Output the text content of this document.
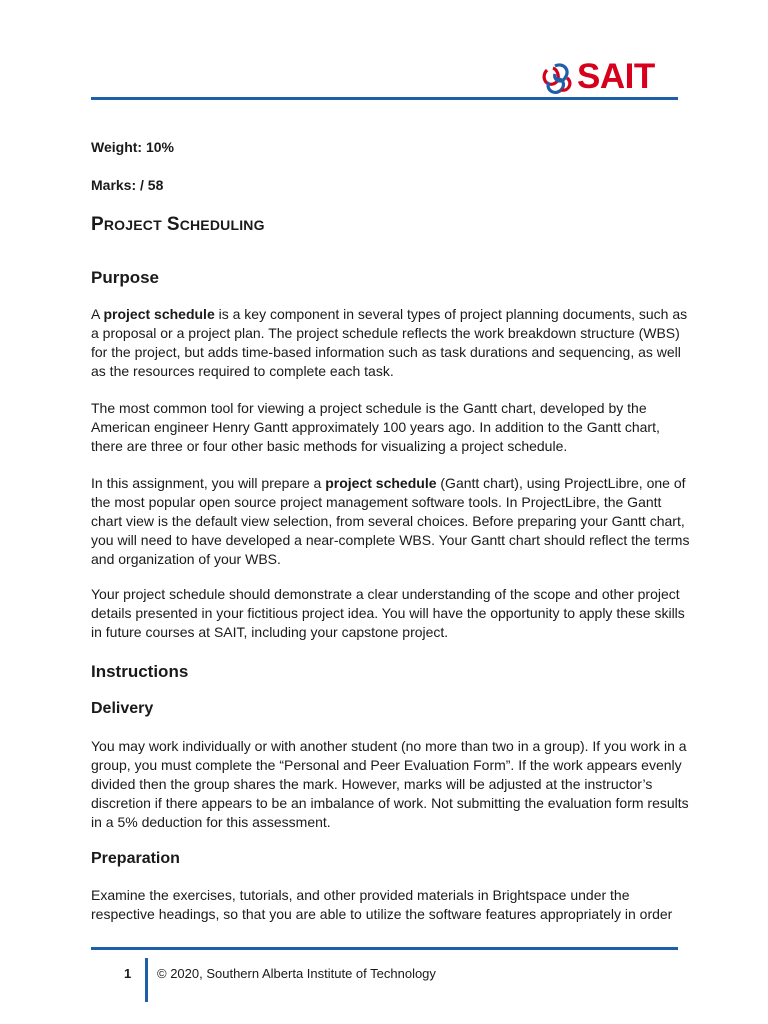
SAIT
Weight: 10%
Marks: / 58
PROJECT SCHEDULING
Purpose

A project schedule is a key component in several types of project planning documents, such as a proposal or a project plan. The project schedule reflects the work breakdown structure (WBS) for the project, but adds time-based information such as task durations and sequencing, as well as the resources required to complete each task.

The most common tool for viewing a project schedule is the Gantt chart, developed by the American engineer Henry Gantt approximately 100 years ago. In addition to the Gantt chart, there are three or four other basic methods for visualizing a project schedule.

In this assignment, you will prepare a project schedule (Gantt chart), using ProjectLibre, one of the most popular open source project management software tools. In ProjectLibre, the Gantt chart view is the default view selection, from several choices. Before preparing your Gantt chart, you will need to have developed a near-complete WBS. Your Gantt chart should reflect the terms and organization of your WBS.

Your project schedule should demonstrate a clear understanding of the scope and other project details presented in your fictitious project idea. You will have the opportunity to apply these skills in future courses at SAIT, including your capstone project.

Instructions
Delivery

You may work individually or with another student (no more than two in a group). If you work in a group, you must complete the “Personal and Peer Evaluation Form”. If the work appears evenly divided then the group shares the mark. However, marks will be adjusted at the instructor’s discretion if there appears to be an imbalance of work. Not submitting the evaluation form results in a 5% deduction for this assessment.

Preparation

Examine the exercises, tutorials, and other provided materials in Brightspace under the respective headings, so that you are able to utilize the software features appropriately in order

1 © 2020, Southern Alberta Institute of Technology
